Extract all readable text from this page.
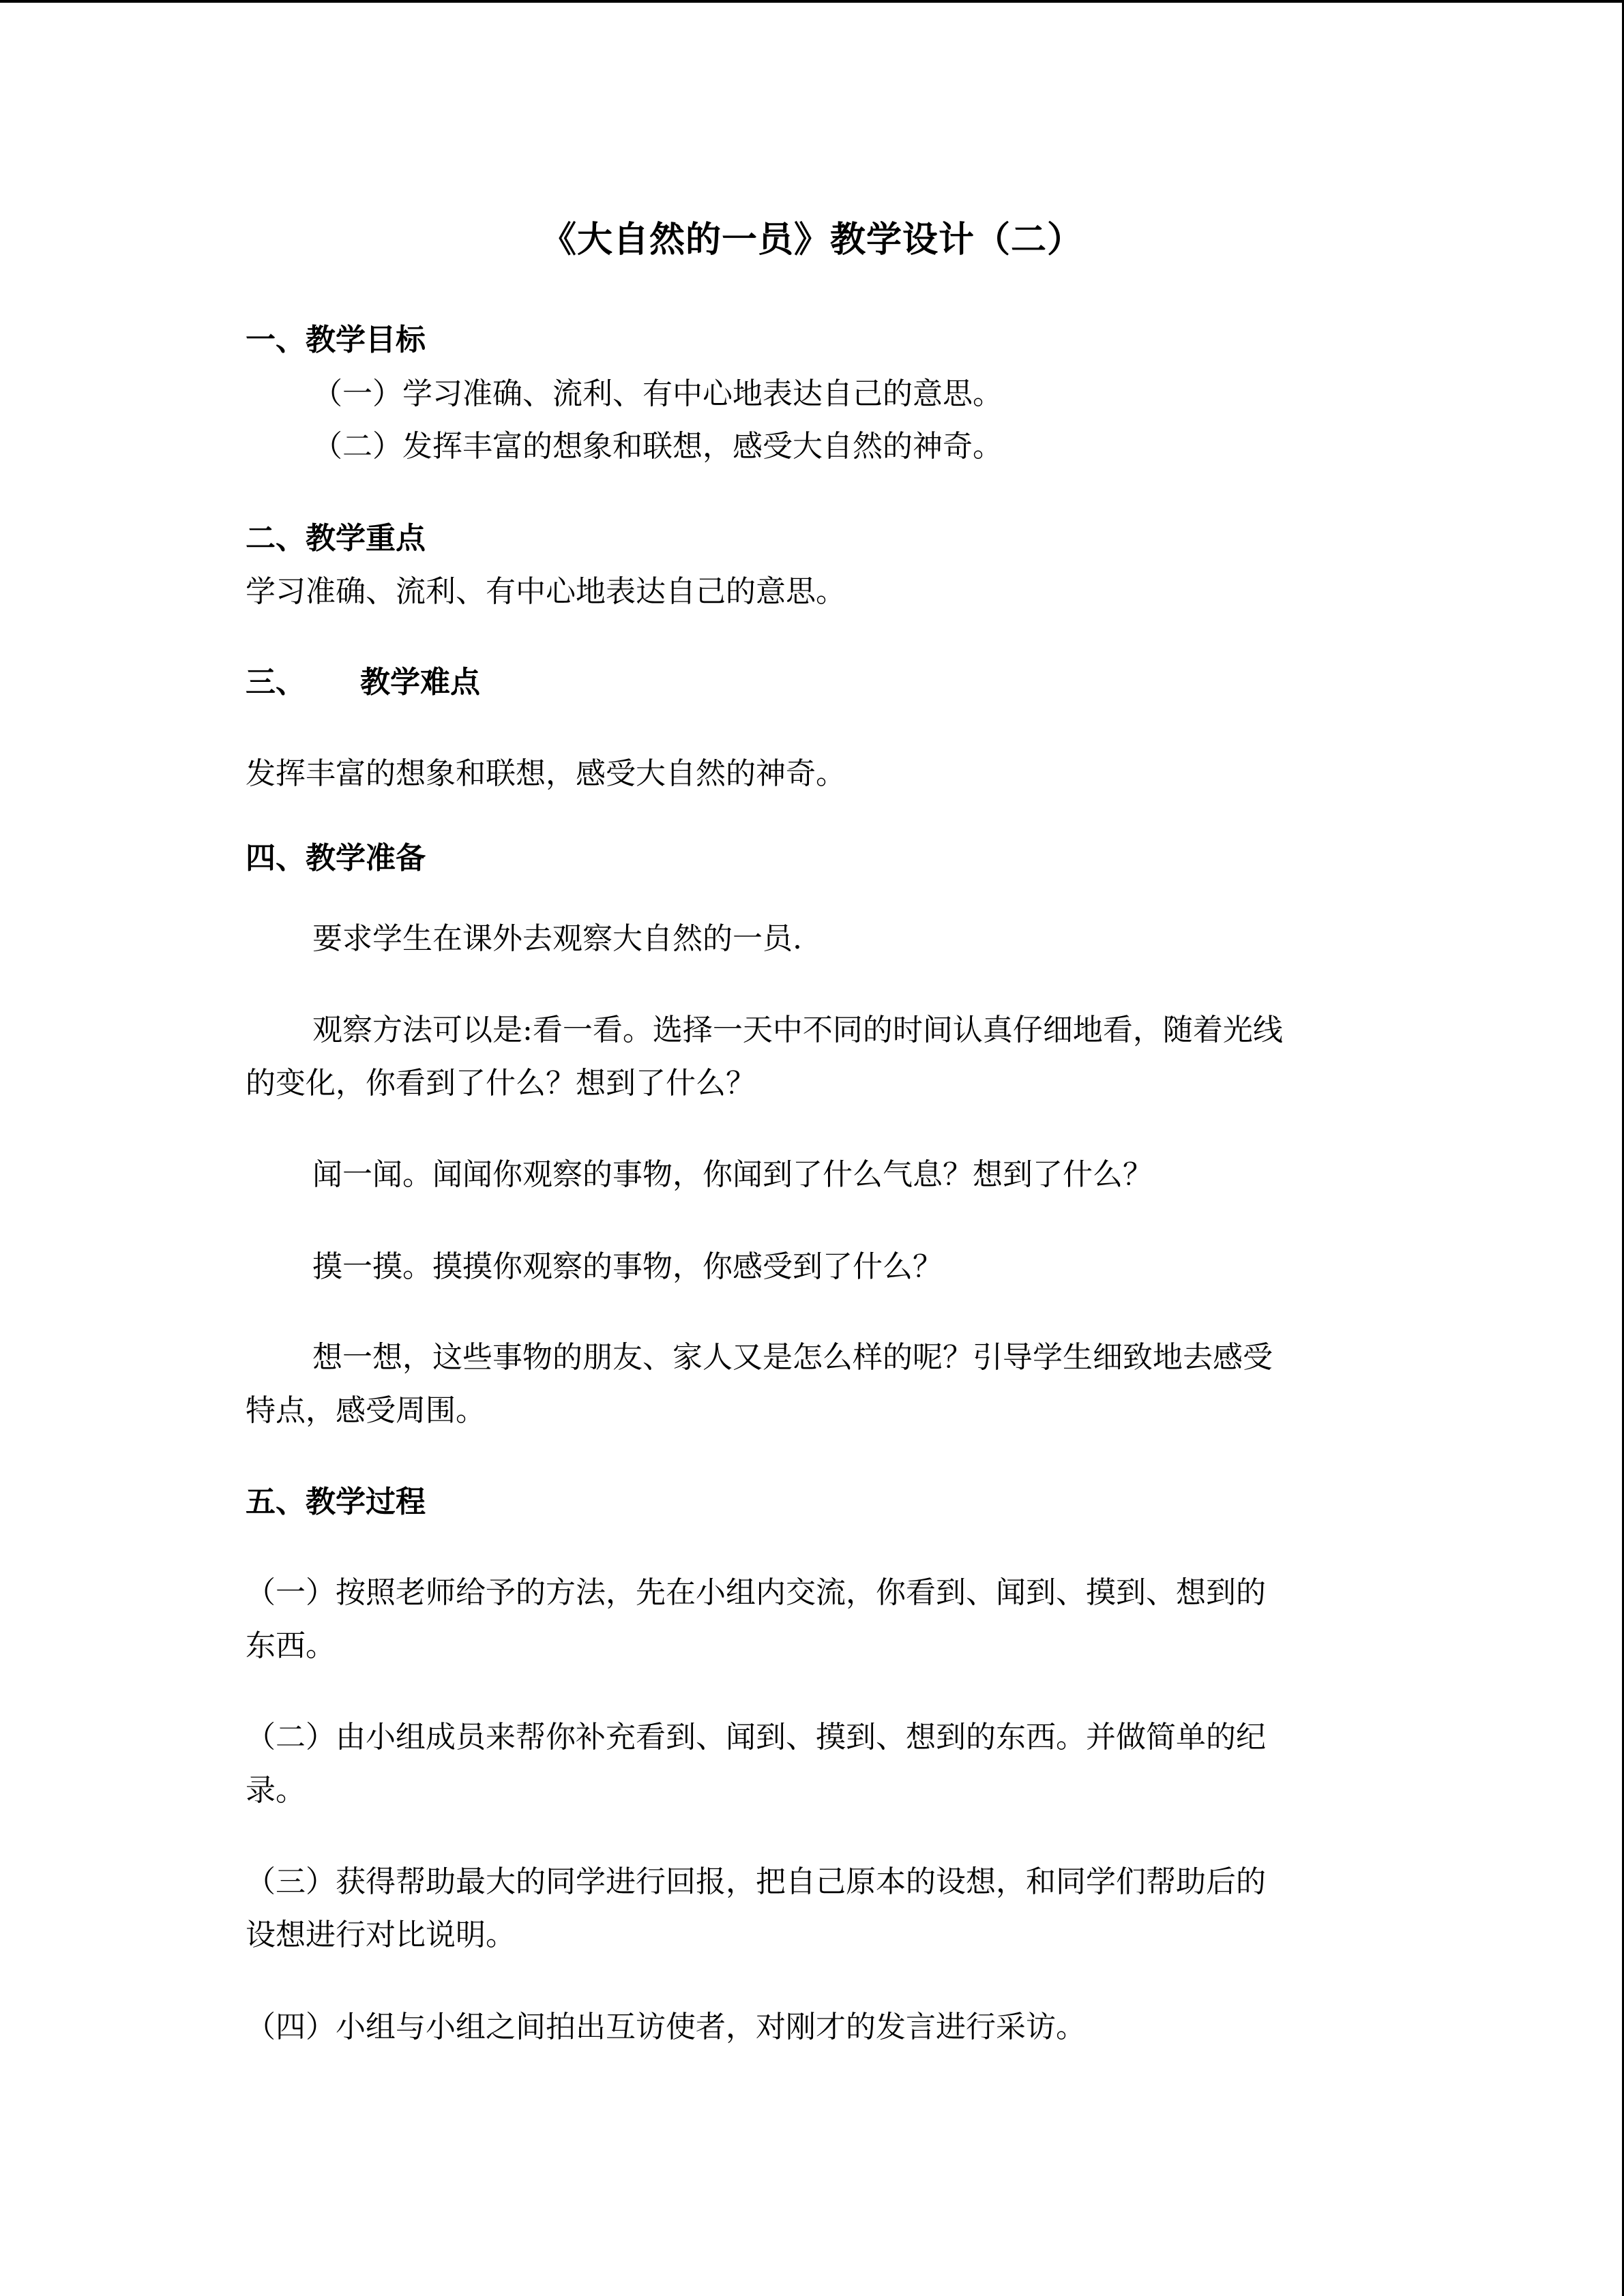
《大自然的一员》教学设计（二）
一、教学目标
（一）学习准确、流利、有中心地表达自己的意思。
（二）发挥丰富的想象和联想，感受大自然的神奇。
二、教学重点
学习准确、流利、有中心地表达自己的意思。
三、 教学难点
发挥丰富的想象和联想，感受大自然的神奇。
四、教学准备
要求学生在课外去观察大自然的一员.
观察方法可以是:看一看。选择一天中不同的时间认真仔细地看，随着光线
的变化，你看到了什么？想到了什么？
闻一闻。闻闻你观察的事物，你闻到了什么气息？想到了什么？
摸一摸。摸摸你观察的事物，你感受到了什么？
想一想，这些事物的朋友、家人又是怎么样的呢？引导学生细致地去感受
特点，感受周围。
五、教学过程
（一）按照老师给予的方法，先在小组内交流，你看到、闻到、摸到、想到的
东西。
（二）由小组成员来帮你补充看到、闻到、摸到、想到的东西。并做简单的纪
录。
（三）获得帮助最大的同学进行回报，把自己原本的设想，和同学们帮助后的
设想进行对比说明。
（四）小组与小组之间拍出互访使者，对刚才的发言进行采访。
